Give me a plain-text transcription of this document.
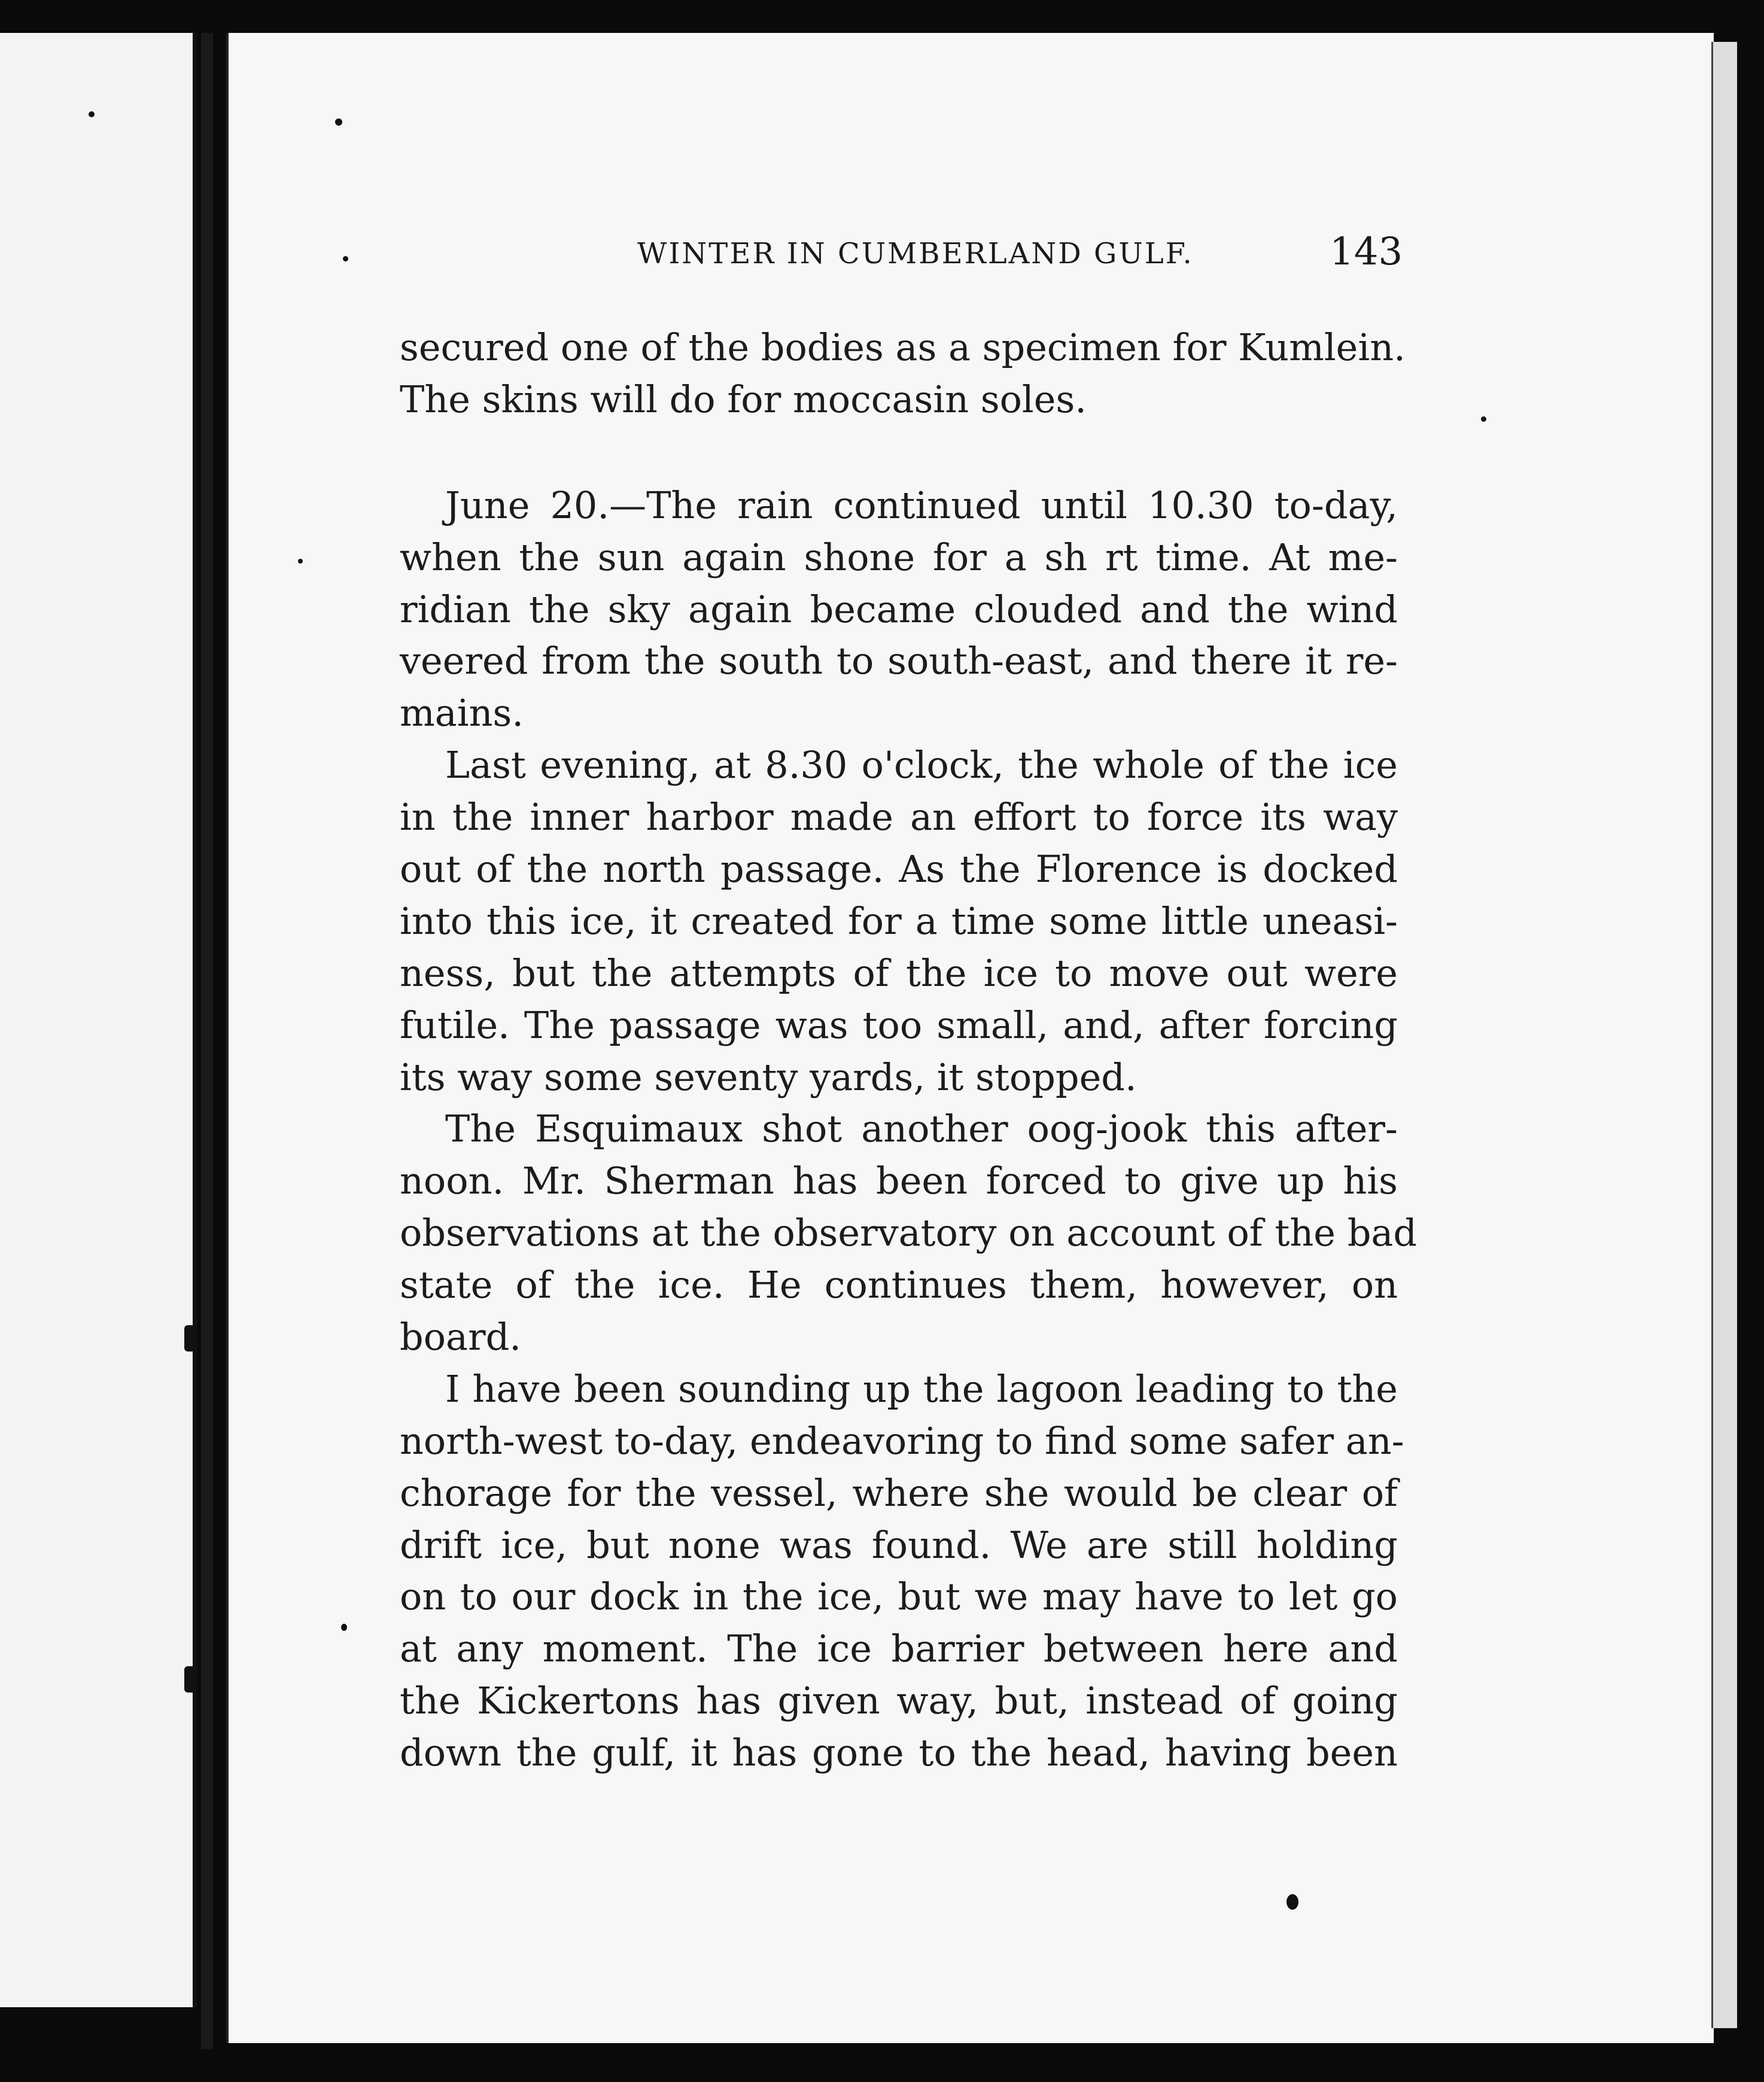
WINTER IN CUMBERLAND GULF.	143
secured one of the bodies as a specimen for Kumlein.
The skins will do for moccasin soles.
June 20.—The rain continued until 10.30 to-day,
when the sun again shone for a sh rt time. At me-
ridian the sky again became clouded and the wind
veered from the south to south-east, and there it re-
mains.
Last evening, at 8.30 o'clock, the whole of the ice
in the inner harbor made an effort to force its way
out of the north passage. As the Florence is docked
into this ice, it created for a time some little uneasi-
ness, but the attempts of the ice to move out were
futile. The passage was too small, and, after forcing
its way some seventy yards, it stopped.
The Esquimaux shot another oog-jook this after-
noon. Mr. Sherman has been forced to give up his
observations at the observatory on account of the bad
state of the ice. He continues them, however, on
board.
I have been sounding up the lagoon leading to the
north-west to-day, endeavoring to find some safer an-
chorage for the vessel, where she would be clear of
drift ice, but none was found. We are still holding
on to our dock in the ice, but we may have to let go
at any moment. The ice barrier between here and
the Kickertons has given way, but, instead of going
down the gulf, it has gone to the head, having been
